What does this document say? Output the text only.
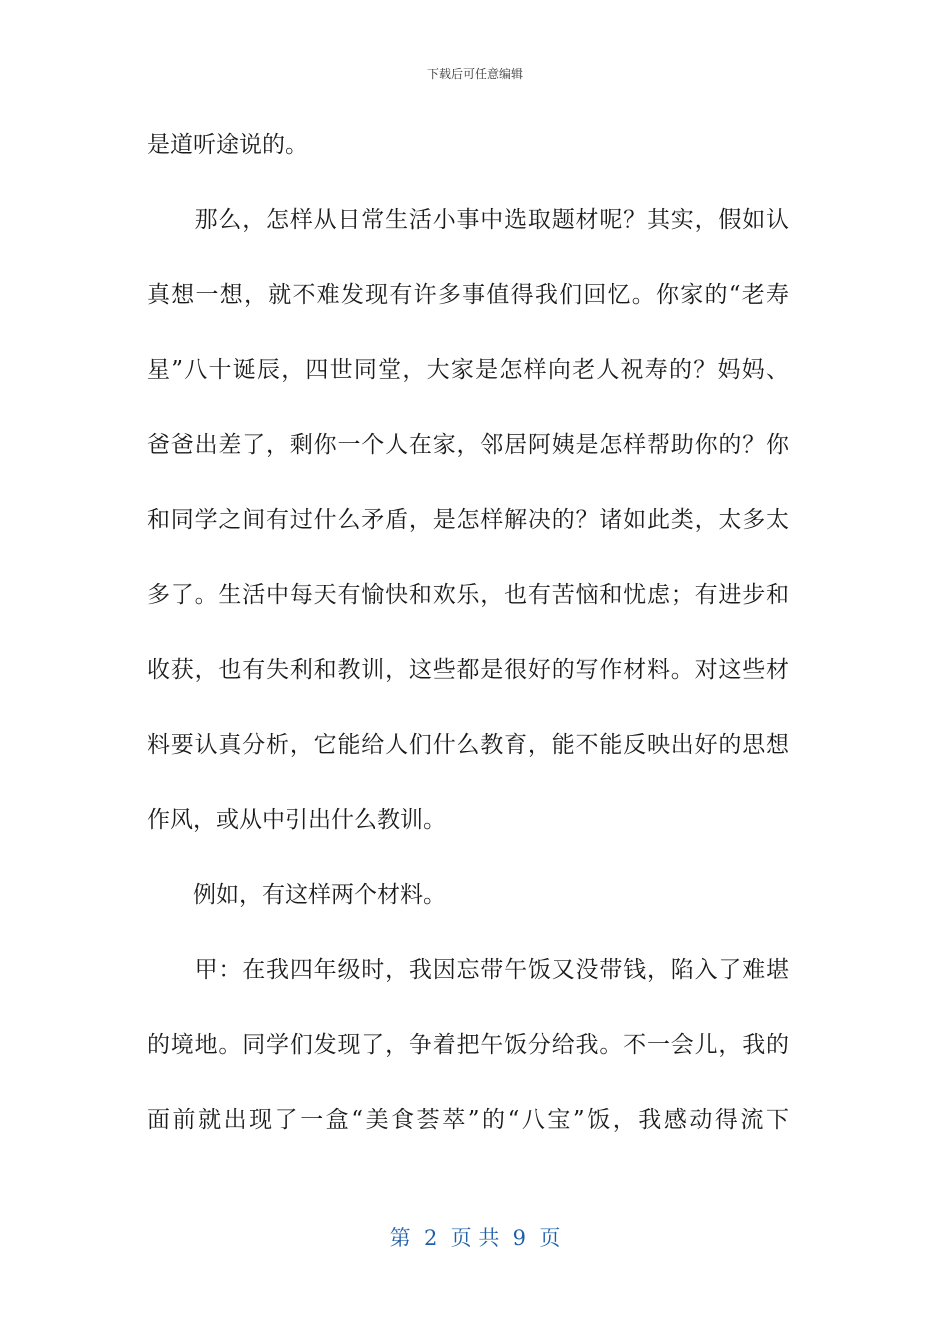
下载后可任意编辑
是道听途说的。
　　那么，怎样从日常生活小事中选取题材呢？其实，假如认
真想一想，就不难发现有许多事值得我们回忆。你家的“老寿
星”八十诞辰，四世同堂，大家是怎样向老人祝寿的？妈妈、
爸爸出差了，剩你一个人在家，邻居阿姨是怎样帮助你的？你
和同学之间有过什么矛盾，是怎样解决的？诸如此类，太多太
多了。生活中每天有愉快和欢乐，也有苦恼和忧虑；有进步和
收获，也有失利和教训，这些都是很好的写作材料。对这些材
料要认真分析，它能给人们什么教育，能不能反映出好的思想
作风，或从中引出什么教训。
　　例如，有这样两个材料。
　　甲：在我四年级时，我因忘带午饭又没带钱，陷入了难堪
的境地。同学们发现了，争着把午饭分给我。不一会儿，我的
面前就出现了一盒“美食荟萃”的“八宝”饭，我感动得流下
第  2  页 共  9  页
